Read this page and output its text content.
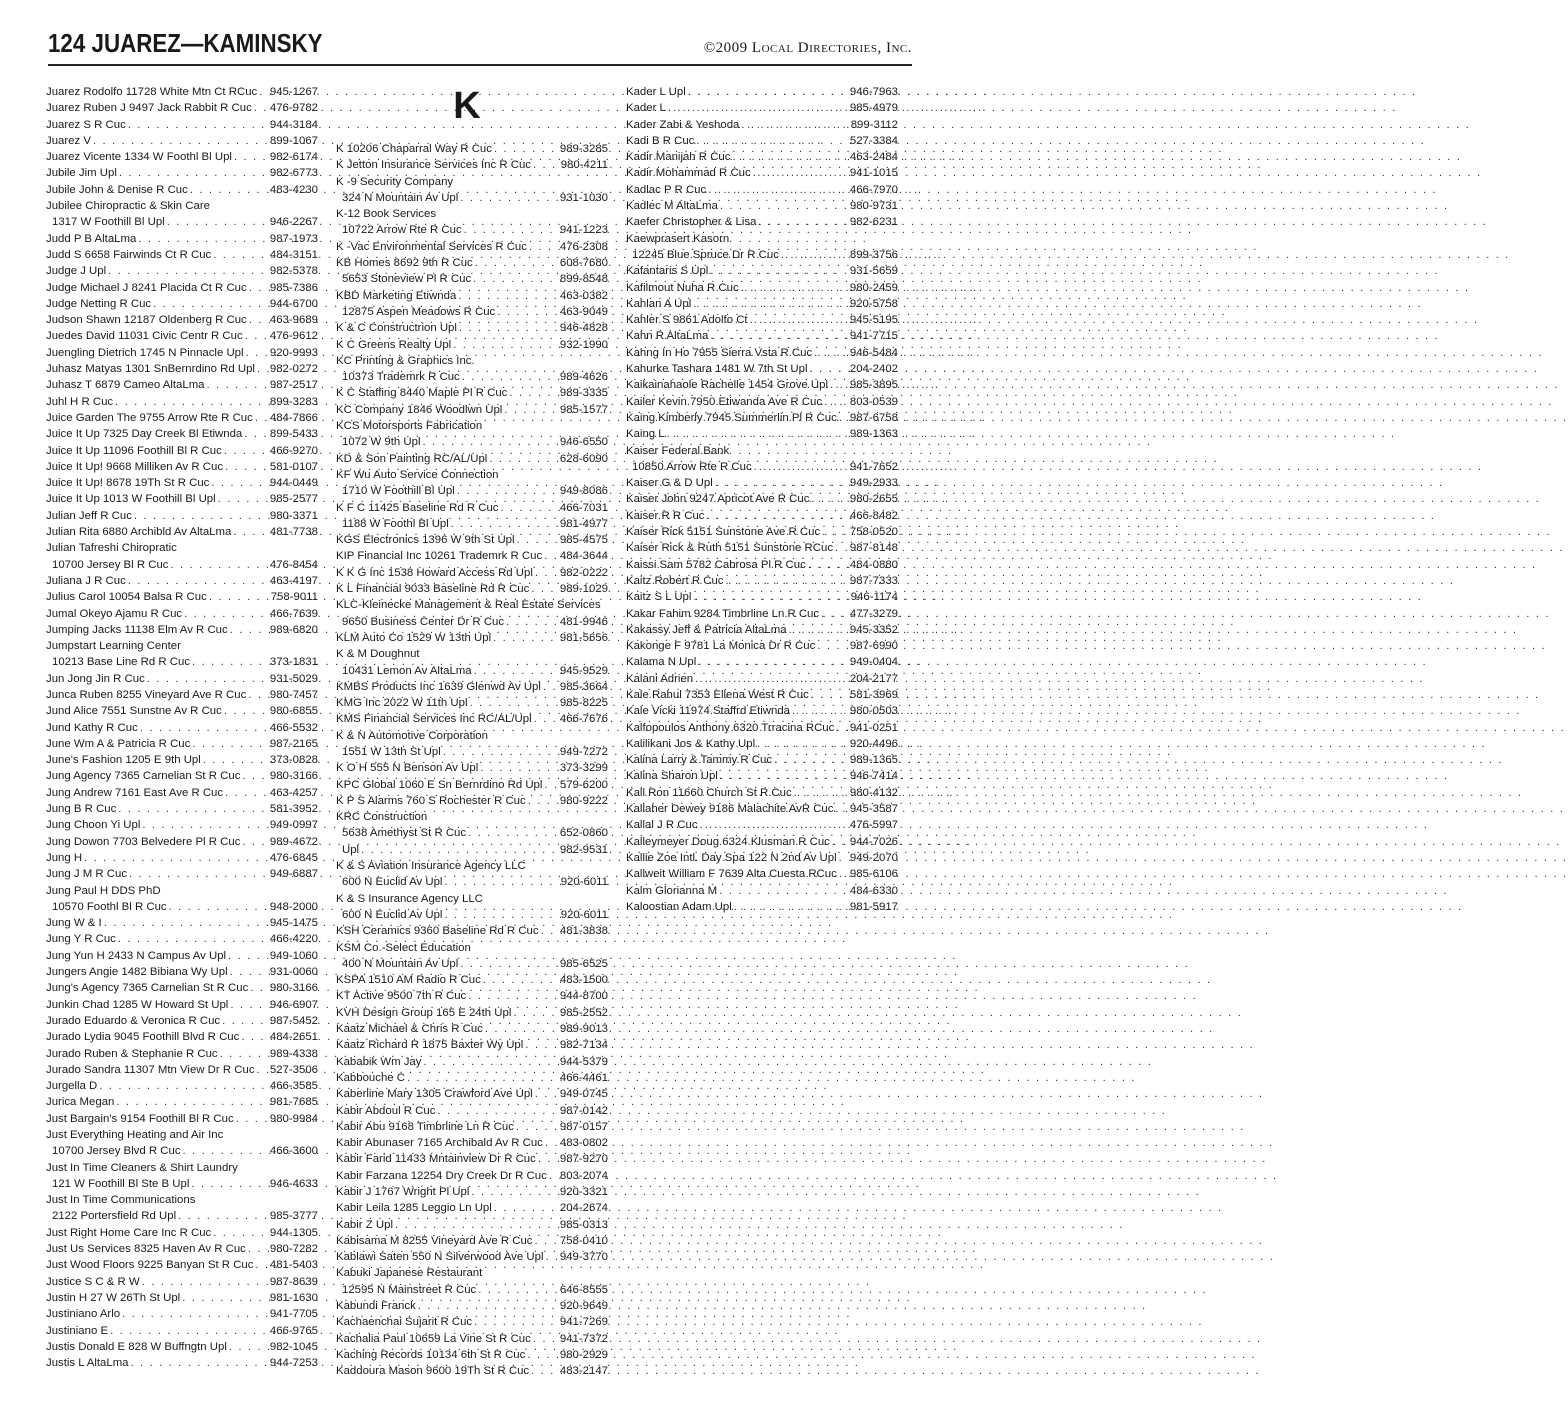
124 JUAREZ—KAMINSKY	©2009 Local Directories, Inc.
Juarez Rodolfo 11728 White Mtn Ct RCuc . . . 945-1267
Juarez Ruben J 9497 Jack Rabbit R Cuc . . . 476-9782
Juarez S R Cuc . . .	944-3184
Juarez V . . .	899-1067
Juarez Vicente 1334 W Foothl Bl Upl . . .	982-6174
Jubile Jim Upl . . .	982-6773
Jubile John & Denise R Cuc . . .	483-4230
Jubilee Chiropractic & Skin Care
1317 W Foothill Bl Upl . . .	946-2267
Judd P B AltaLma . . .	987-1973
Judd S 6658 Fairwinds Ct R Cuc . . .	484-3151
Judge J Upl . . .	982-5378
Judge Michael J 8241 Placida Ct R Cuc . . . 985-7386
Judge Netting R Cuc . . .	944-6700
Judson Shawn 12187 Oldenberg R Cuc . . . 463-9689
Juedes David 11031 Civic Centr R Cuc . . . 476-9612
Juengling Dietrich 1745 N Pinnacle Upl . . . 920-9993
Juhasz Matyas 1301 SnBernrdino Rd Upl . . . 982-0272
Juhasz T 6879 Cameo AltaLma . . .	987-2517
Juhl H R Cuc . . .	899-3283
Juice Garden The 9755 Arrow Rte R Cuc . . . 484-7866
Juice It Up 7325 Day Creek Bl Etiwnda . . . 899-5433
Juice It Up 11096 Foothill Bl R Cuc . . .	466-9270
Juice It Up! 9668 Milliken Av R Cuc . . .	581-0107
Juice It Up! 8678 19Th St R Cuc . . .	944-0449
Juice It Up 1013 W Foothill Bl Upl . . .	985-2577
Julian Jeff R Cuc . . .	980-3371
Julian Rita 6880 Archibld Av AltaLma . . .	481-7738
Julian Tafreshi Chiropratic
10700 Jersey Bl R Cuc . . .	476-8454
Juliana J R Cuc . . .	463-4197
Julius Carol 10054 Balsa R Cuc . . .	758-9011
Jumal Okeyo Ajamu R Cuc . . .	466-7639
Jumping Jacks 11138 Elm Av R Cuc . . .	989-6820
Jumpstart Learning Center
10213 Base Line Rd R Cuc . . .	373-1831
Jun Jong Jin R Cuc . . .	931-5029
Junca Ruben 8255 Vineyard Ave R Cuc . . . 980-7457
Jund Alice 7551 Sunstne Av R Cuc . . .	980-6855
Jund Kathy R Cuc . . .	466-5532
June Wm A & Patricia R Cuc . . .	987-2165
June's Fashion 1205 E 9th Upl . . .	373-0828
Jung Agency 7365 Carnelian St R Cuc . . .	980-3166
Jung Andrew 7161 East Ave R Cuc . . .	463-4257
Jung B R Cuc . . .	581-3952
Jung Choon Yi Upl . . .	949-0997
Jung Dowon 7703 Belvedere Pl R Cuc . . .	989-4672
Jung H . . .	476-6845
Jung J M R Cuc . . .	949-6887
Jung Paul H DDS PhD
10570 Foothl Bl R Cuc . . .	948-2000
Jung W & I . . .	945-1475
Jung Y R Cuc . . .	466-4220
Jung Yun H 2433 N Campus Av Upl . . .	949-1060
Jungers Angie 1482 Bibiana Wy Upl . . .	931-0060
Jung's Agency 7365 Carnelian St R Cuc . . . 980-3166
Junkin Chad 1285 W Howard St Upl . . .	946-6907
Jurado Eduardo & Veronica R Cuc . . .	987-5452
Jurado Lydia 9045 Foothill Blvd R Cuc . . .	484-2651
Jurado Ruben & Stephanie R Cuc . . .	989-4338
Jurado Sandra 11307 Mtn View Dr R Cuc . . . 527-3506
Jurgella D . . .	466-3585
Jurica Megan . . .	981-7685
Just Bargain's 9154 Foothill Bl R Cuc . . .	980-9984
Just Everything Heating and Air Inc
10700 Jersey Blvd R Cuc . . .	466-3600
Just In Time Cleaners & Shirt Laundry
121 W Foothill Bl Ste B Upl . . .	946-4633
Just In Time Communications
2122 Portersfield Rd Upl . . .	985-3777
Just Right Home Care Inc R Cuc . . .	944-1305
Just Us Services 8325 Haven Av R Cuc . . . 980-7282
Just Wood Floors 9225 Banyan St R Cuc . . . 481-5403
Justice S C & R W . . .	987-8639
Justin H 27 W 26Th St Upl . . .	981-1630
Justiniano Arlo . . .	941-7705
Justiniano E . . .	466-9765
Justis Donald E 828 W Buffngtn Upl . . .	982-1045
Justis L AltaLma . . .	944-7253
K
K 10206 Chaparral Way R Cuc . . .	989-3285
K Jetton Insurance Services Inc R Cuc . . .	980-4211
K -9 Security Company
324 N Mountain Av Upl . . .	931-1030
K-12 Book Services
10722 Arrow Rte R Cuc . . .	941-1223
K -Vac Environmental Services R Cuc . . .	476-2308
KB Homes 8692 9th R Cuc . . .	608-7680
5653 Stoneview Pl R Cuc . . .	899-8548
KBD Marketing Etiwnda . . .	463-0382
12875 Aspen Meadows R Cuc . . .	463-9049
K & C Constructrion Upl . . .	946-4828
K C Greens Realty Upl . . .	932-1990
KC Printing & Graphics Inc.
10373 Trademrk R Cuc . . .	989-4626
K C Staffing 8440 Maple Pl R Cuc . . .	989-3335
KC Company 1846 Woodlwn Upl . . .	985-1577
KCS Motorsports Fabrication
1072 W 9th Upl . . .	946-6550
KD & Son Painting RC/AL/Upl . . .	628-6090
KF Wu Auto Service Connection
1710 W Foothill Bl Upl . . .	949-8086
K F C 11425 Baseline Rd R Cuc . . .	466-7031
1188 W Foothl Bl Upl . . .	981-4977
KGS Electronics 1396 W 9th St Upl . . .	985-4575
KIP Financial Inc 10261 Trademrk R Cuc . . . 484-3644
K K G Inc 1538 Howard Access Rd Upl . . . 982-0222
K L Financial 9033 Baseline Rd R Cuc . . .	989-1029
KLC-Kleinecke Management & Real Estate Services
9650 Business Center Dr R Cuc . . .	481-9946
KLM Auto Co 1529 W 13th Upl . . .	981-5656
K & M Doughnut
10431 Lemon Av AltaLma . . .	945-9529
KMBS Products Inc 1639 Glenwd Av Upl . . . 985-3664
KMG Inc 2022 W 11th Upl . . .	985-8225
KMS Financial Services Inc RC/AL/Upl . . . 466-7676
K & N Automotive Corporation
1551 W 13th St Upl . . .	949-7272
K O H 555 N Benson Av Upl . . .	373-3299
KPC Global 1060 E Sn Bernrdino Rd Upl . . . 579-6200
K P S Alarms 760 S Rochester R Cuc . . .	980-9222
KRC Construction
5638 Amethyst St R Cuc . . .	652-0860
Upl . . .	982-9531
K & S Aviation Insurance Agency LLC
600 N Euclid Av Upl . . .	920-6011
K & S Insurance Agency LLC
600 N Euclid Av Upl . . .	920-6011
KSH Ceramics 9360 Baseline Rd R Cuc . . . 481-3838
KSM Co.-Select Education
400 N Mountain Av Upl . . .	985-6525
KSPA 1510 AM Radio R Cuc . . .	483-1500
KT Active 9500 7th R Cuc . . .	944-8700
KVH Design Group 165 E 24th Upl . . .	985-2552
Kaatz Michael & Chris R Cuc . . .	989-9013
Kaatz Richard R 1875 Baxter Wy Upl . . .	982-7134
Kababik Wm Jay . . .	944-5379
Kabbouche C . . .	466-4461
Kaberline Mary 1305 Crawford Ave Upl . . . 949-0745
Kabir Abdoul R Cuc . . .	987-0142
Kabir Abu 9168 Timbrline Ln R Cuc . . .	987-0157
Kabir Abunaser 7165 Archibald Av R Cuc . . . 483-0802
Kabir Farid 11433 Mntainview Dr R Cuc . . . 987-9270
Kabir Farzana 12254 Dry Creek Dr R Cuc . . . 803-2074
Kabir J 1767 Wright Pl Upl . . .	920-3321
Kabir Leila 1285 Leggio Ln Upl . . .	204-2674
Kabir Z Upl . . .	985-0313
Kabisama M 8255 Vineyard Ave R Cuc . . . 758-0410
Kablawi Saten 550 N Silverwood Ave Upl . . . 949-3770
Kabuki Japanese Restaurant
12595 N Mainstreet R Cuc . . .	646-8555
Kabundi Franck . . .	920-9649
Kachaenchai Sujarit R Cuc . . .	941-7269
Kachalia Paul 10659 La Vine St R Cuc . . .	941-7372
Kaching Records 10134 6th St R Cuc . . .	980-2929
Kaddoura Mason 9600 19Th St R Cuc . . .	483-2147
Kader L Upl . . .	946-7963
Kader L . . .	985-4979
Kader Zabi & Yeshoda . . .	899-3112
Kadi B R Cuc . . .	527-3384
Kadir Manijah R Cuc . . .	463-2484
Kadir Mohammad R Cuc . . .	941-1015
Kadlac P R Cuc . . .	466-7970
Kadlec M AltaLma . . .	980-9731
Kaefer Christopher & Lisa . . .	982-6231
Kaewprasert Kasorn
12245 Blue Spruce Dr R Cuc . . .	899-3756
Kafantaris S Upl . . .	931-5659
Kafilmout Nuha R Cuc . . .	980-2459
Kahlan A Upl . . .	920-5758
Kahler S 9861 Adolfo Ct . . .	945-5195
Kahn R AltaLma . . .	941-7715
Kahng In Ho 7955 Sierra Vsta R Cuc . . .	946-5484
Kahurke Tashara 1481 W 7th St Upl . . .	204-2402
Kaikainahaole Rachelle 1454 Grove Upl . . . 985-3895
Kailer Kevin 7950 Etiwanda Ave R Cuc . . . 803-0539
Kaing Kimberly 7945 Summerlin Pl R Cuc . . . 987-6758
Kaing L . . .	989-1363
Kaiser Federal Bank
10850 Arrow Rte R Cuc . . .	941-7652
Kaiser G & D Upl . . .	949-2933
Kaiser John 9247 Apricot Ave R Cuc . . .	980-2655
Kaiser R R Cuc . . .	466-8482
Kaiser Rick 5151 Sunstone Ave R Cuc . . .	758-0520
Kaiser Rick & Ruth 5151 Sunstone RCuc . . . 987-8148
Kaissi Sam 5782 Cabrosa Pl R Cuc . . .	484-0880
Kaitz Robert R Cuc . . .	987-7333
Kaitz S L Upl . . .	946-1174
Kakar Fahim 9284 Timbrline Ln R Cuc . . .	477-3279
Kakassy Jeff & Patricia AltaLma . . .	945-3352
Kakonge F 9781 La Monica Dr R Cuc . . .	987-6990
Kalama N Upl . . .	949-0404
Kalani Adrien . . .	204-2177
Kale Rahul 7353 Ellena West R Cuc . . .	581-3969
Kale Vicki 11974 Staffrd Etiwnda . . .	980-0503
Kalfopoulos Anthony 6320 Trracina RCuc . . . 941-0251
Kalilikani Jos & Kathy Upl . . .	920-4496
Kalina Larry & Tammy R Cuc . . .	989-1365
Kalina Sharon Upl . . .	946-7414
Kall Ron 11660 Church St R Cuc . . .	980-4132
Kallaher Dewey 9186 Malachite AvR Cuc . . . 945-3587
Kallal J R Cuc . . .	476-5997
Kalleymeyer Doug 6324 Klusman R Cuc . . . 944-7026
Kallie Zoe Intl. Day Spa 122 N 2nd Av Upl . . . 949-2070
Kallweit William F 7639 Alta Cuesta RCuc . . . 985-6106
Kalm Glorianna M . . .	484-6330
Kaloostian Adam Upl . . .	981-5917
